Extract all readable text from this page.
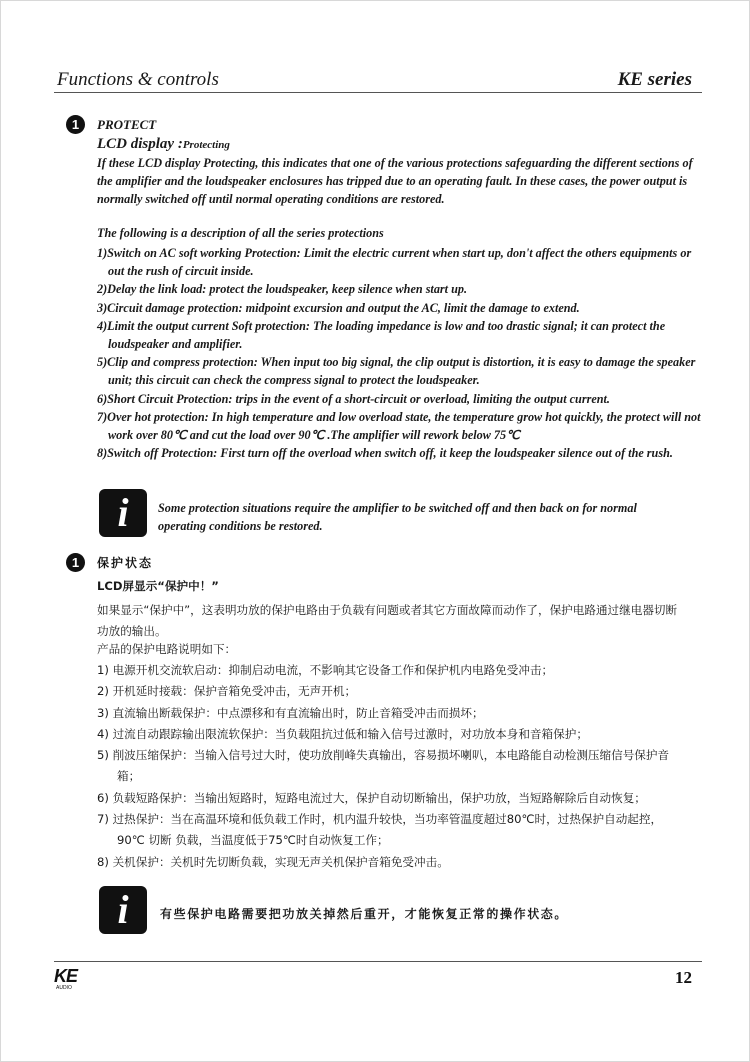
Functions & controls	KE series
1	PROTECT
LCD display :Protecting

If these LCD display Protecting, this indicates that one of the various protections safeguarding the different sections of the amplifier and the loudspeaker enclosures has tripped due to an operating fault. In these cases, the power output is normally switched off until normal operating conditions are restored.

The following is a description of all the series protections
1)Switch on AC soft working Protection: Limit the electric current when start up, don't affect the others equipments or out the rush of circuit inside.
2)Delay the link load: protect the loudspeaker, keep silence when start up.
3)Circuit damage protection: midpoint excursion and output the AC, limit the damage to extend.
4)Limit the output current Soft protection: The loading impedance is low and too drastic signal; it can protect the loudspeaker and amplifier.
5)Clip and compress protection: When input too big signal, the clip output is distortion, it is easy to damage the speaker unit; this circuit can check the compress signal to protect the loudspeaker.
6)Short Circuit Protection: trips in the event of a short-circuit or overload, limiting the output current.
7)Over hot protection: In high temperature and low overload state, the temperature grow hot quickly, the protect will not work over 80℃ and cut the load over 90℃ .The amplifier will rework below 75℃
8)Switch off Protection: First turn off the overload when switch off, it keep the loudspeaker silence out of the rush.
i	Some protection situations require the amplifier to be switched off and then back on for normal operating conditions be restored.

1	保护状态
LCD屏显示“保护中！”

如果显示“保护中”，这表明功放的保护电路由于负载有问题或者其它方面故障而动作了，保护电路通过继电器切断功放的输出。

产品的保护电路说明如下：
1) 电源开机交流软启动：抑制启动电流，不影响其它设备工作和保护机内电路免受冲击；
2) 开机延时接载：保护音箱免受冲击，无声开机；
3) 直流输出断载保护：中点漂移和有直流输出时，防止音箱受冲击而损坏；
4) 过流自动跟踪输出限流软保护：当负载阻抗过低和输入信号过激时，对功放本身和音箱保护；
5) 削波压缩保护：当输入信号过大时，使功放削峰失真输出，容易损坏喇叭，本电路能自动检测压缩信号保护音箱；
6) 负载短路保护：当输出短路时，短路电流过大，保护自动切断输出，保护功放，当短路解除后自动恢复；
7) 过热保护：当在高温环境和低负载工作时，机内温升较快，当功率管温度超过80℃时，过热保护自动起控，90℃ 切断 负载，当温度低于75℃时自动恢复工作；
8) 关机保护：关机时先切断负载，实现无声关机保护音箱免受冲击。
i	有些保护电路需要把功放关掉然后重开，才能恢复正常的操作状态。
KE
AUDIO
12
